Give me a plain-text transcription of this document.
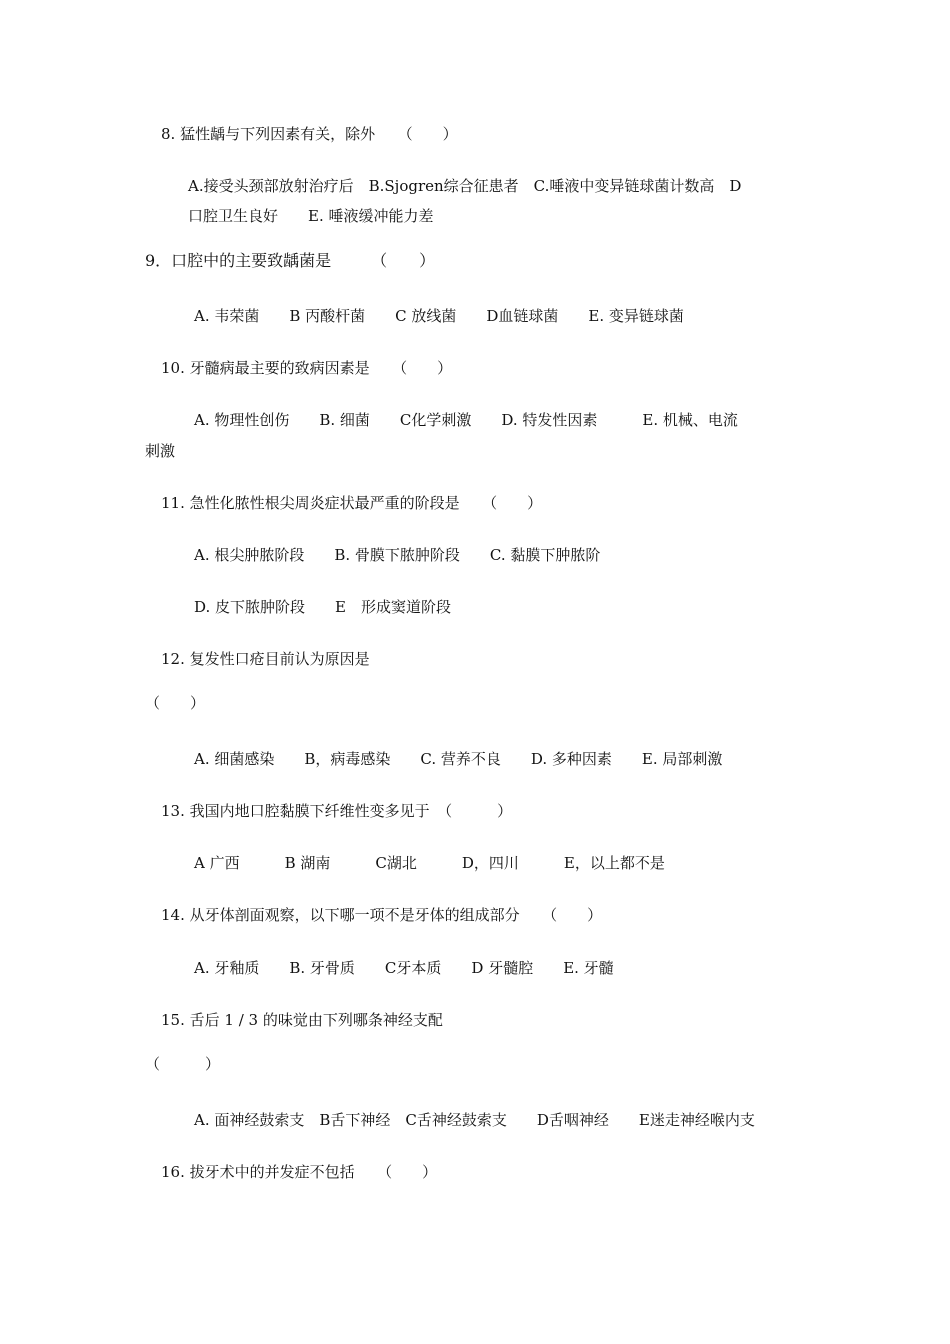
8. 猛性龋与下列因素有关，除外　　（　　）
A.接受头颈部放射治疗后　B.Sjogren综合征患者　C.唾液中变异链球菌计数高　D
口腔卫生良好　　E. 唾液缓冲能力差
9．口腔中的主要致龋菌是　　　（　　）
A. 韦荣菌　　B 丙酸杆菌　　C 放线菌　　D血链球菌　　E. 变异链球菌
10. 牙髓病最主要的致病因素是　　（　　）
A. 物理性创伤　　B. 细菌　　C化学刺激　　D. 特发性因素　　　E. 机械、电流
刺激
11. 急性化脓性根尖周炎症状最严重的阶段是　　（　　）
A. 根尖肿脓阶段　　B. 骨膜下脓肿阶段　　C. 黏膜下肿脓阶
D. 皮下脓肿阶段　　E　形成窦道阶段
12. 复发性口疮目前认为原因是
（　　）
A. 细菌感染　　B，病毒感染　　C. 营养不良　　D. 多种因素　　E. 局部刺激
13. 我国内地口腔黏膜下纤维性变多见于　（　　　）
A 广西　　　B 湖南　　　C湖北　　　D，四川　　　E，以上都不是
14. 从牙体剖面观察，以下哪一项不是牙体的组成部分　　（　　）
A. 牙釉质　　B. 牙骨质　　C牙本质　　D 牙髓腔　　E. 牙髓
15. 舌后 1 / 3 的味觉由下列哪条神经支配
（　　　）
A. 面神经鼓索支　B舌下神经　C舌神经鼓索支　　D舌咽神经　　E迷走神经喉内支
16. 拔牙术中的并发症不包括　　（　　）
